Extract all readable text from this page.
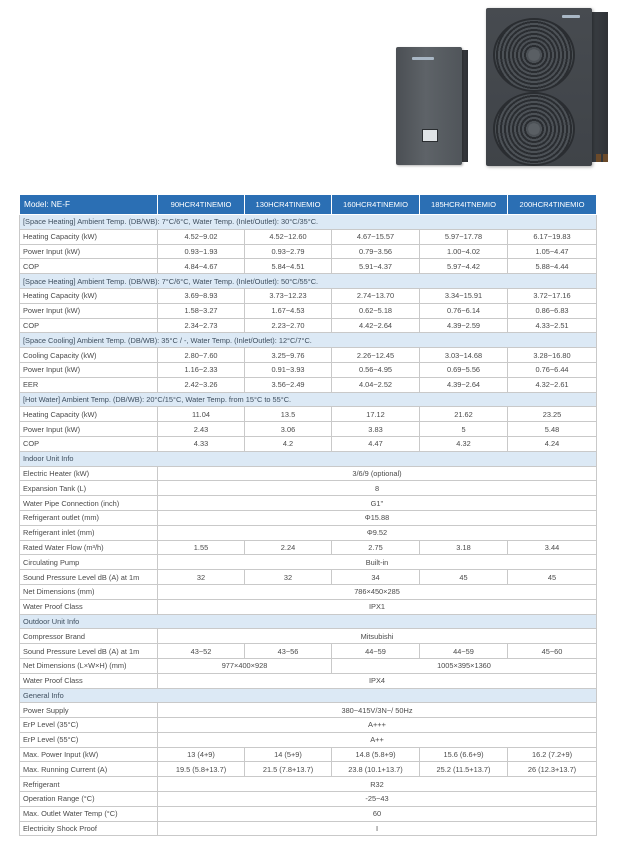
Model: NE-F	90HCR4TINEMIO	130HCR4TINEMIO	160HCR4TINEMIO	185HCR4ITNEMIO	200HCR4TINEMIO
[Space Heating] Ambient Temp. (DB/WB): 7°C/6°C, Water Temp. (Inlet/Outlet): 30°C/35°C.					
Heating Capacity (kW)	4.52~9.02	4.52~12.60	4.67~15.57	5.97~17.78	6.17~19.83
Power Input (kW)	0.93~1.93	0.93~2.79	0.79~3.56	1.00~4.02	1.05~4.47
COP	4.84~4.67	5.84~4.51	5.91~4.37	5.97~4.42	5.88~4.44
[Space Heating] Ambient Temp. (DB/WB): 7°C/6°C, Water Temp. (Inlet/Outlet): 50°C/55°C.					
Heating Capacity (kW)	3.69~8.93	3.73~12.23	2.74~13.70	3.34~15.91	3.72~17.16
Power Input (kW)	1.58~3.27	1.67~4.53	0.62~5.18	0.76~6.14	0.86~6.83
COP	2.34~2.73	2.23~2.70	4.42~2.64	4.39~2.59	4.33~2.51
[Space Cooling] Ambient Temp. (DB/WB): 35°C / -, Water Temp. (Inlet/Outlet): 12°C/7°C.					
Cooling Capacity (kW)	2.80~7.60	3.25~9.76	2.26~12.45	3.03~14.68	3.28~16.80
Power Input (kW)	1.16~2.33	0.91~3.93	0.56~4.95	0.69~5.56	0.76~6.44
EER	2.42~3.26	3.56~2.49	4.04~2.52	4.39~2.64	4.32~2.61
[Hot Water] Ambient Temp. (DB/WB): 20°C/15°C, Water Temp. from 15°C to 55°C.					
Heating Capacity (kW)	11.04	13.5	17.12	21.62	23.25
Power Input (kW)	2.43	3.06	3.83	5	5.48
COP	4.33	4.2	4.47	4.32	4.24
Indoor Unit Info					
Electric Heater (kW)	3/6/9 (optional)				
Expansion Tank (L)	8				
Water Pipe Connection (inch)	G1''				
Refrigerant outlet (mm)	Φ15.88				
Refrigerant inlet (mm)	Φ9.52				
Rated Water Flow (m³/h)	1.55	2.24	2.75	3.18	3.44
Circulating Pump	Built-in				
Sound Pressure Level dB (A) at 1m	32	32	34	45	45
Net Dimensions (mm)	786×450×285				
Water Proof Class	IPX1				
Outdoor Unit Info					
Compressor Brand	Mitsubishi				
Sound Pressure Level dB (A) at 1m	43~52	43~56	44~59	44~59	45~60
Net Dimensions (L×W×H) (mm)	977×400×928		1005×395×1360		
Water Proof Class	IPX4				
General Info					
Power Supply	380~415V/3N~/ 50Hz				
ErP Level (35°C)	A+++				
ErP Level (55°C)	A++				
Max. Power Input (kW)	13 (4+9)	14 (5+9)	14.8 (5.8+9)	15.6 (6.6+9)	16.2 (7.2+9)
Max. Running Current (A)	19.5 (5.8+13.7)	21.5 (7.8+13.7)	23.8 (10.1+13.7)	25.2 (11.5+13.7)	26 (12.3+13.7)
Refrigerant	R32				
Operation Range (°C)	-25~43				
Max. Outlet Water Temp (°C)	60				
Electricity Shock Proof	I				
